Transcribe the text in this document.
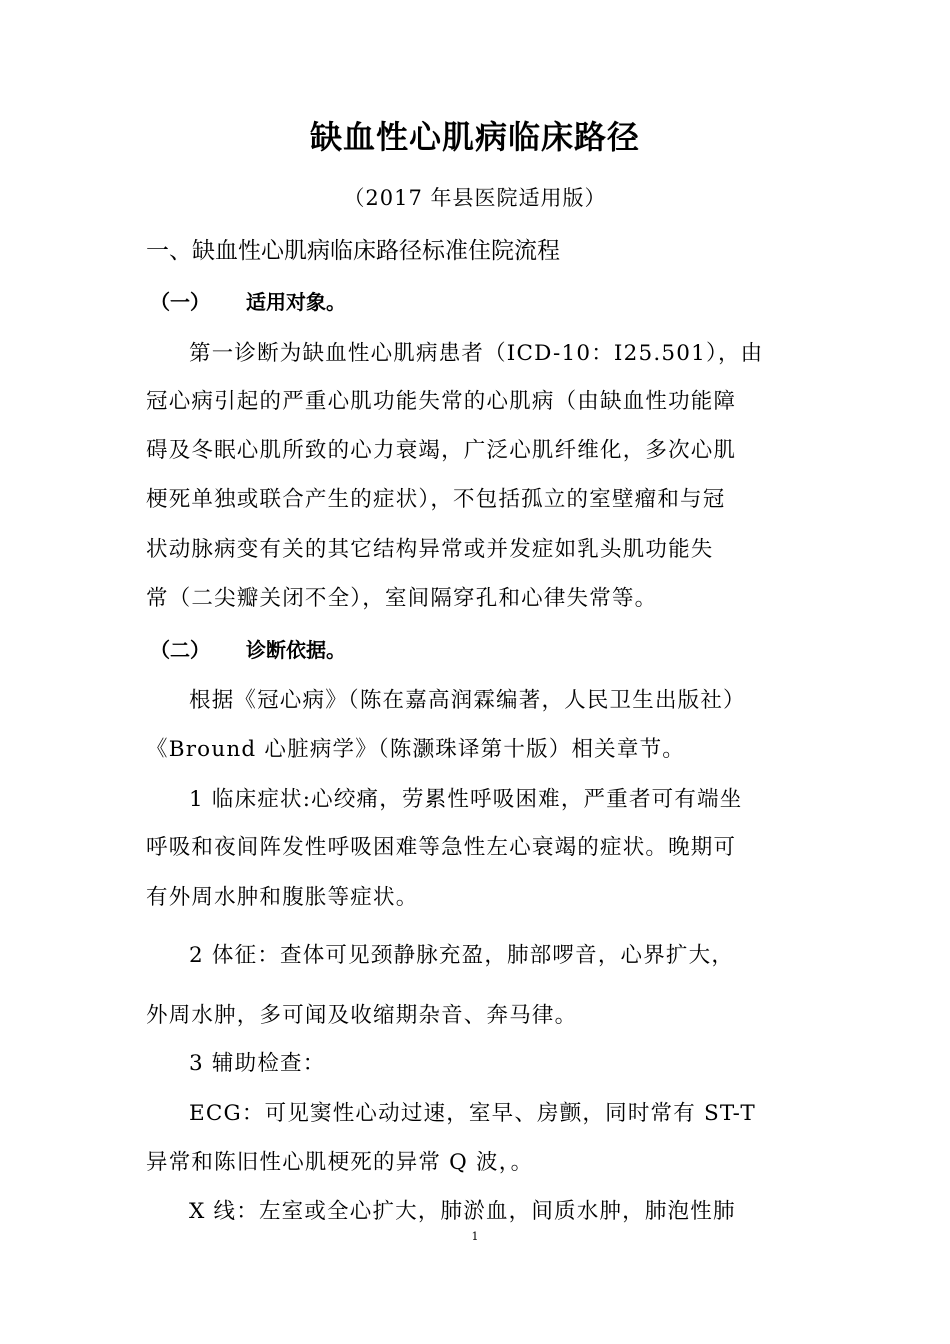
缺血性心肌病临床路径
（2017 年县医院适用版）
一、缺血性心肌病临床路径标准住院流程
（一） 适用对象。
第一诊断为缺血性心肌病患者（ICD-10：I25.501），由
冠心病引起的严重心肌功能失常的心肌病（由缺血性功能障
碍及冬眠心肌所致的心力衰竭，广泛心肌纤维化，多次心肌
梗死单独或联合产生的症状），不包括孤立的室壁瘤和与冠
状动脉病变有关的其它结构异常或并发症如乳头肌功能失
常（二尖瓣关闭不全），室间隔穿孔和心律失常等。
（二） 诊断依据。
根据《冠心病》（陈在嘉高润霖编著，人民卫生出版社）
《Bround 心脏病学》（陈灏珠译第十版）相关章节。
1 临床症状:心绞痛，劳累性呼吸困难，严重者可有端坐
呼吸和夜间阵发性呼吸困难等急性左心衰竭的症状。晚期可
有外周水肿和腹胀等症状。
2 体征：查体可见颈静脉充盈，肺部啰音，心界扩大，
外周水肿，多可闻及收缩期杂音、奔马律。
3 辅助检查：
ECG：可见窦性心动过速，室早、房颤，同时常有 ST-T
异常和陈旧性心肌梗死的异常 Q 波，。
X 线：左室或全心扩大，肺淤血，间质水肿，肺泡性肺
1
